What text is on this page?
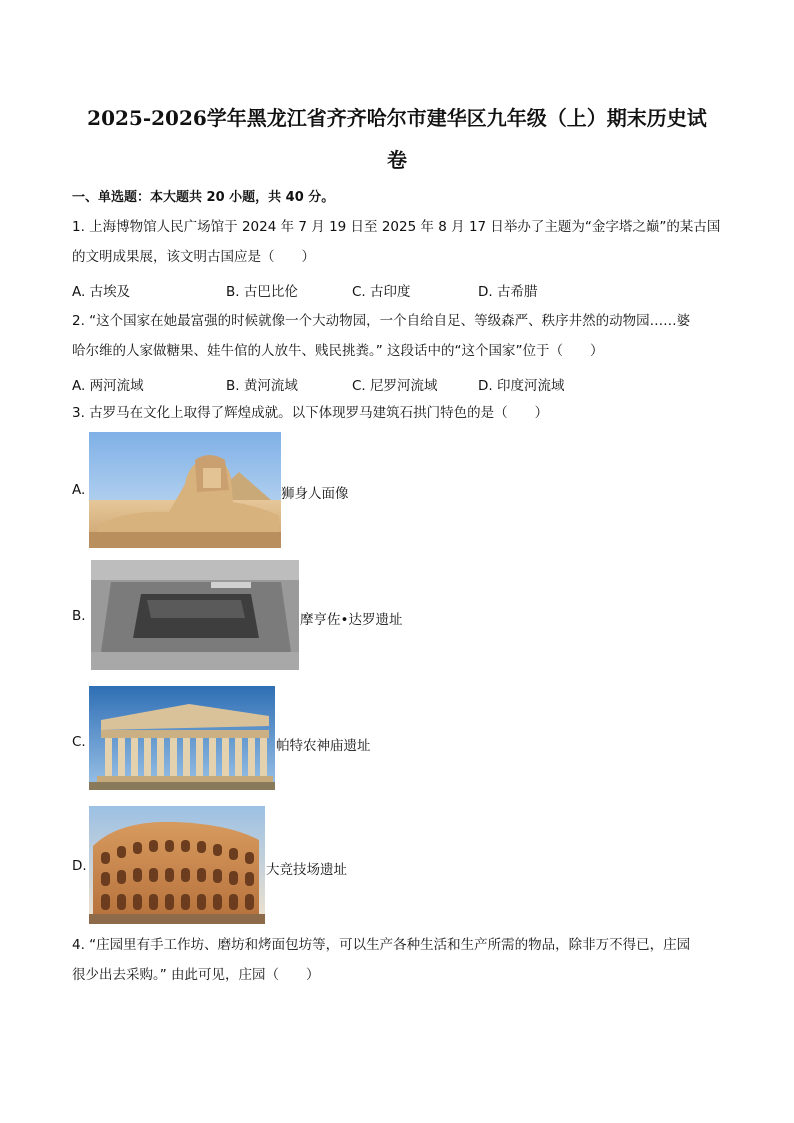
2025-2026学年黑龙江省齐齐哈尔市建华区九年级（上）期末历史试
卷
一、单选题：本大题共 20 小题，共 40 分。
1. 上海博物馆人民广场馆于 2024 年 7 月 19 日至 2025 年 8 月 17 日举办了主题为“金字塔之巅”的某古国
的文明成果展，该文明古国应是（　　）
A. 古埃及	B. 古巴比伦	C. 古印度	D. 古希腊
2. “这个国家在她最富强的时候就像一个大动物园，一个自给自足、等级森严、秩序井然的动物园……婆
哈尔维的人家做糖果、娃牛倌的人放牛、贱民挑粪。” 这段话中的“这个国家”位于（　　）
A. 两河流域	B. 黄河流域	C. 尼罗河流域	D. 印度河流域
3. 古罗马在文化上取得了辉煌成就。以下体现罗马建筑石拱门特色的是（　　）
A.	狮身人面像
B.	摩亨佐•达罗遗址
C.	帕特农神庙遗址
D.	大竞技场遗址
4. “庄园里有手工作坊、磨坊和烤面包坊等，可以生产各种生活和生产所需的物品，除非万不得已，庄园
很少出去采购。” 由此可见，庄园（　　）
